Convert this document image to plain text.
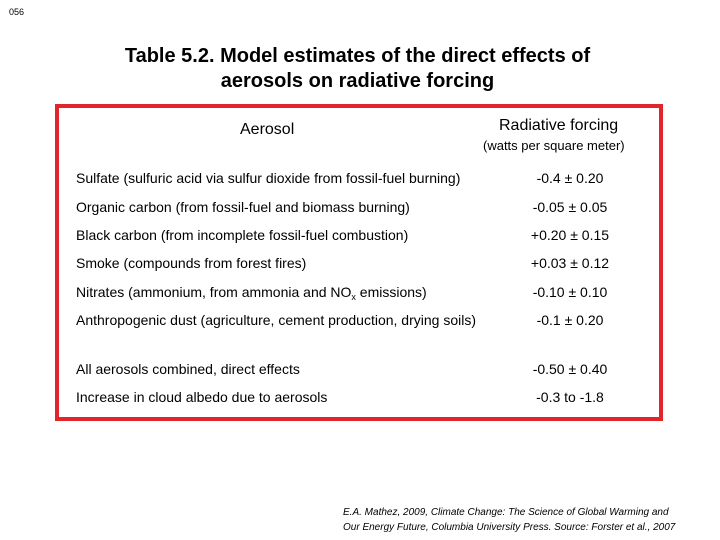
056
Table 5.2. Model estimates of the direct effects of
aerosols on radiative forcing
Aerosol	Radiative forcing
(watts per square meter)
Sulfate (sulfuric acid via sulfur dioxide from fossil-fuel burning)	-0.4 ± 0.20
Organic carbon (from fossil-fuel and biomass burning)	-0.05 ± 0.05
Black carbon (from incomplete fossil-fuel combustion)	+0.20 ± 0.15
Smoke (compounds from forest fires)	+0.03 ± 0.12
Nitrates (ammonium, from ammonia and $NO_x$ emissions)	-0.10 ± 0.10
Anthropogenic dust (agriculture, cement production, drying soils)	-0.1 ± 0.20
All aerosols combined, direct effects	-0.50 ± 0.40
Increase in cloud albedo due to aerosols	-0.3 to -1.8
E.A. Mathez, 2009, Climate Change: The Science of Global Warming and
Our Energy Future, Columbia University Press. Source: Forster et al., 2007
